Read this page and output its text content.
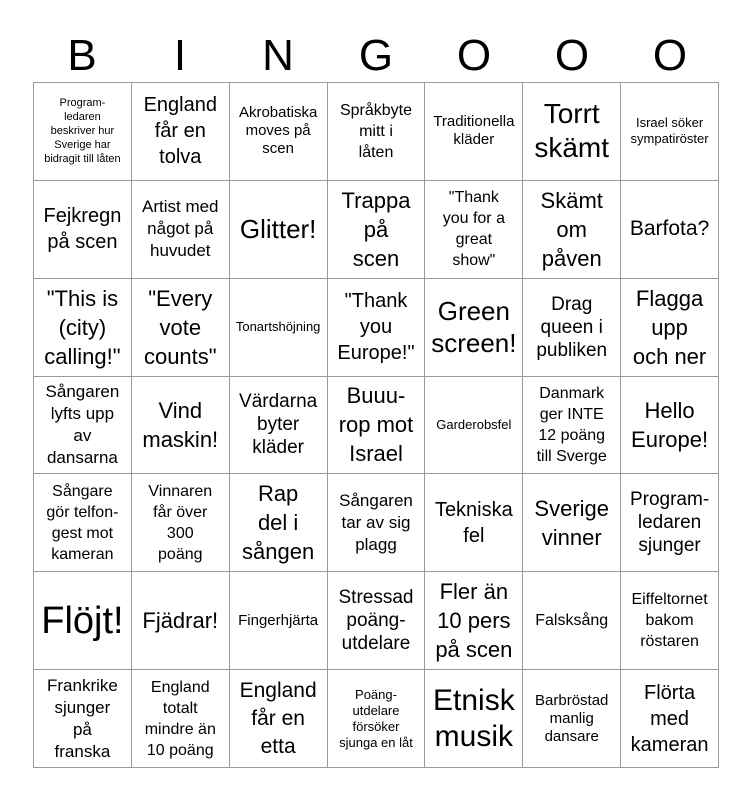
B	I	N	G	O	O	O
Program-
ledaren
beskriver hur
Sverige har
bidragit till låten
England
får en
tolva
Akrobatiska
moves på
scen
Språkbyte
mitt i
låten
Traditionella
kläder
Torrt
skämt
Israel söker
sympatiröster
Fejkregn
på scen
Artist med
något på
huvudet
Glitter!
Trappa
på
scen
"Thank
you for a
great
show"
Skämt
om
påven
Barfota?
"This is
(city)
calling!"
"Every
vote
counts"
Tonartshöjning
"Thank
you
Europe!"
Green
screen!
Drag
queen i
publiken
Flagga
upp
och ner
Sångaren
lyfts upp
av
dansarna
Vind
maskin!
Värdarna
byter
kläder
Buuu-
rop mot
Israel
Garderobsfel
Danmark
ger INTE
12 poäng
till Sverge
Hello
Europe!
Sångare
gör telfon-
gest mot
kameran
Vinnaren
får över
300
poäng
Rap
del i
sången
Sångaren
tar av sig
plagg
Tekniska
fel
Sverige
vinner
Program-
ledaren
sjunger
Flöjt! Fjädrar! Fingerhjärta
Stressad
poäng-
utdelare
Fler än
10 pers
på scen
Falsksång
Eiffeltornet
bakom
röstaren
Frankrike
sjunger
på
franska
England
totalt
mindre än
10 poäng
England
får en
etta
Poäng-
utdelare
försöker
sjunga en låt
Etnisk
musik
Barbröstad
manlig
dansare
Flörta
med
kameran
